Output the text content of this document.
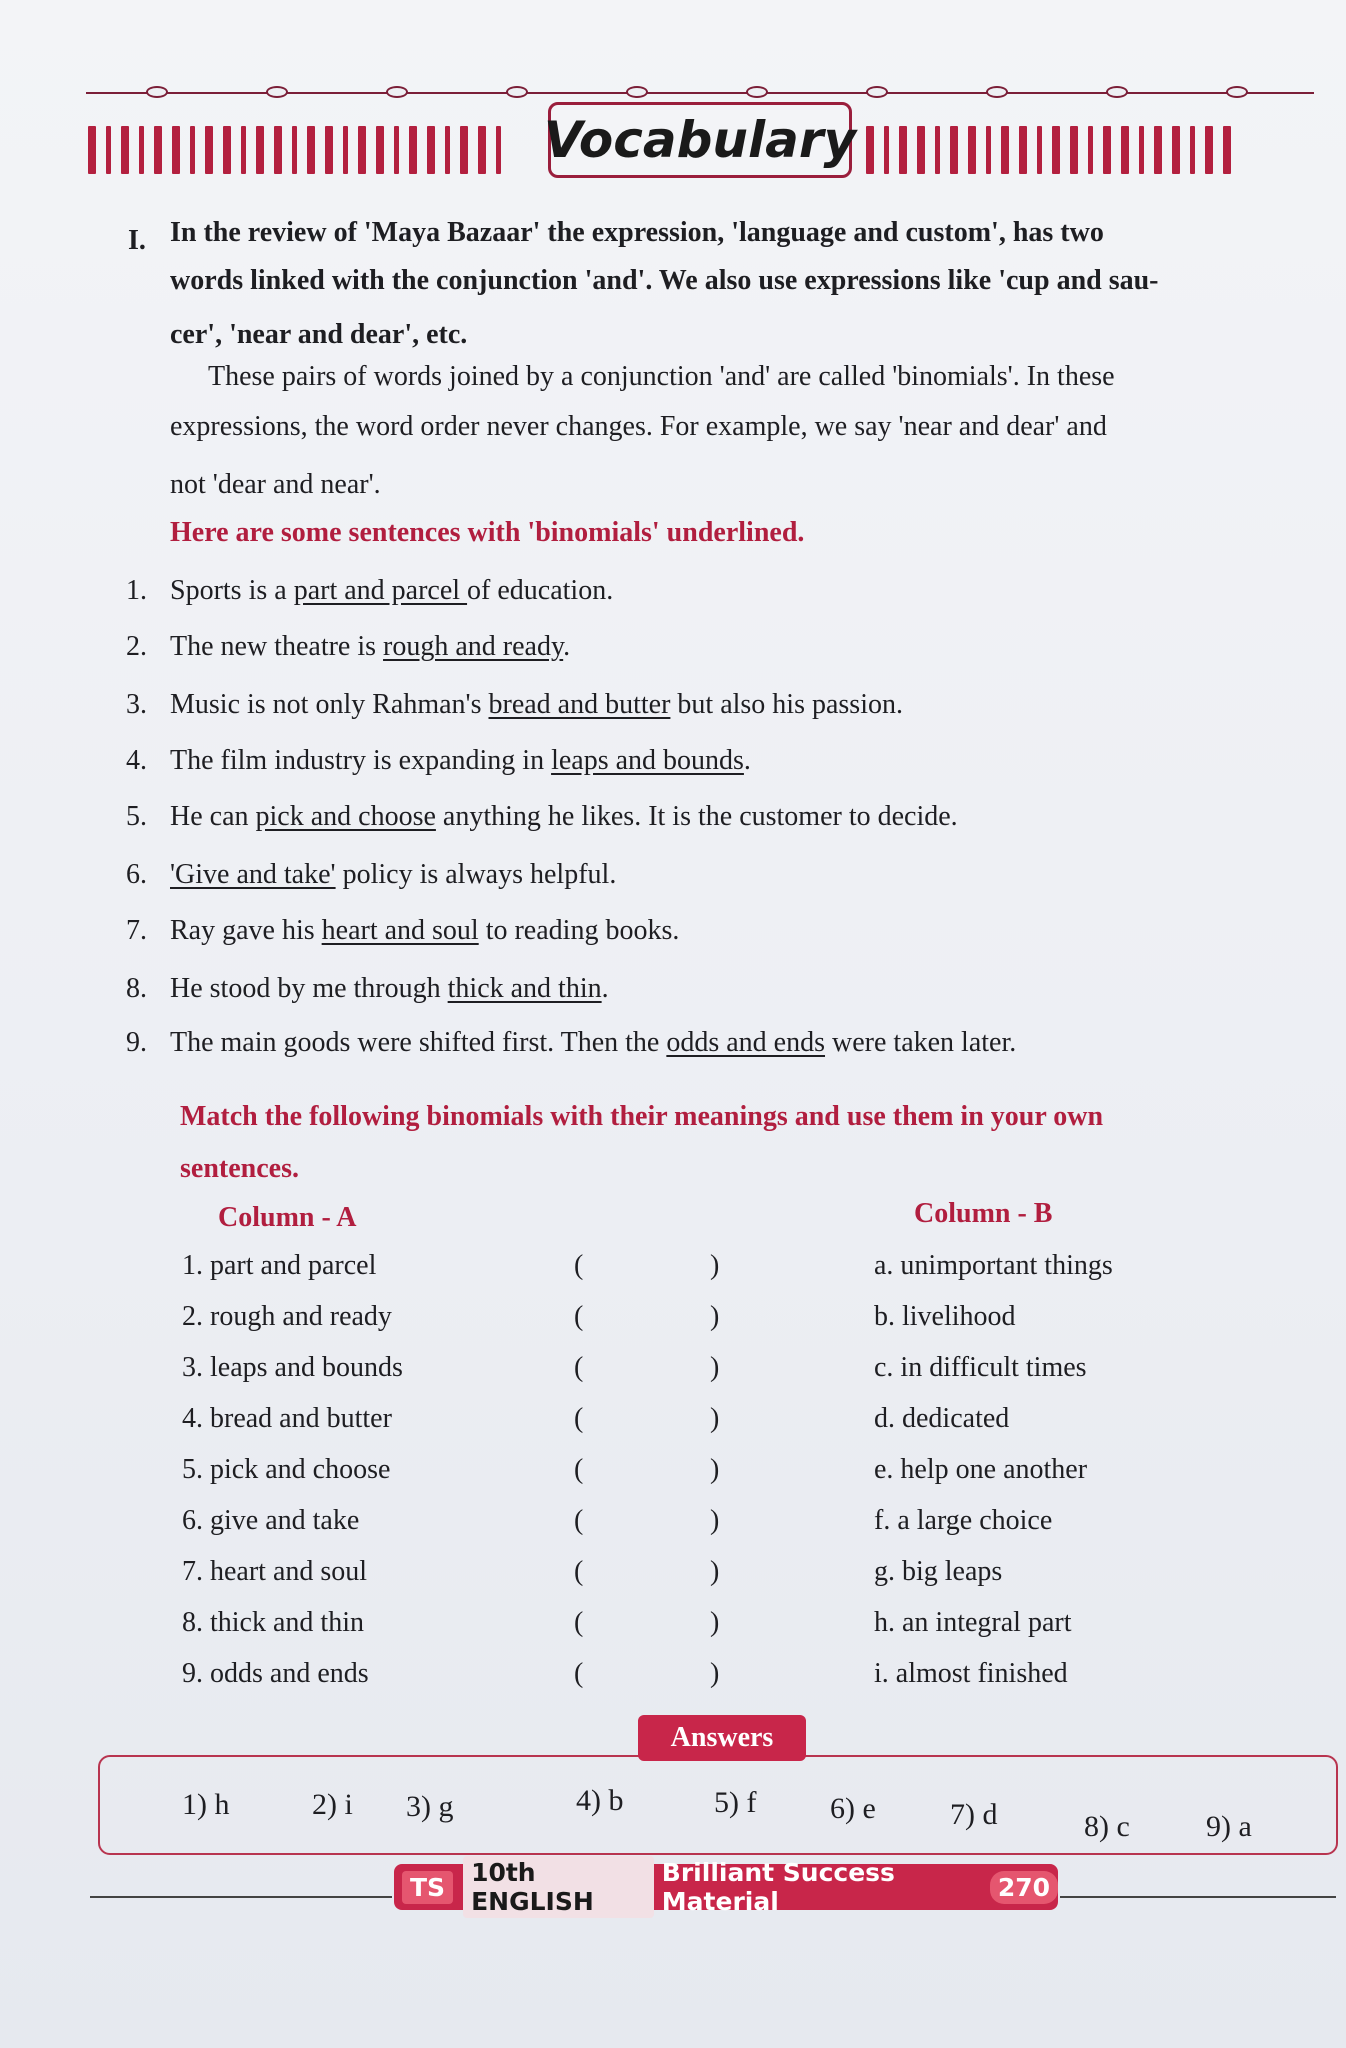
Vocabulary
I. In the review of 'Maya Bazaar' the expression, 'language and custom', has two
words linked with the conjunction 'and'. We also use expressions like 'cup and sau-
cer', 'near and dear', etc.
These pairs of words joined by a conjunction 'and' are called 'binomials'. In these
expressions, the word order never changes. For example, we say 'near and dear' and
not 'dear and near'.
Here are some sentences with 'binomials' underlined.
1. Sports is a part and parcel of education.
2. The new theatre is rough and ready.
3. Music is not only Rahman's bread and butter but also his passion.
4. The film industry is expanding in leaps and bounds.
5. He can pick and choose anything he likes. It is the customer to decide.
6. 'Give and take' policy is always helpful.
7. Ray gave his heart and soul to reading books.
8. He stood by me through thick and thin.
9. The main goods were shifted first. Then the odds and ends were taken later.
Match the following binomials with their meanings and use them in your own
sentences.
Column - A	Column - B
1. part and parcel	(	)	a. unimportant things
2. rough and ready	(	)	b. livelihood
3. leaps and bounds	(	)	c. in difficult times
4. bread and butter	(	)	d. dedicated
5. pick and choose	(	)	e. help one another
6. give and take	(	)	f. a large choice
7. heart and soul	(	)	g. big leaps
8. thick and thin	(	)	h. an integral part
9. odds and ends	(	)	i. almost finished
Answers
1) h	2) i 3) g	4) b	5) f 6) e 7) d	8) c	9) a
TS	10th ENGLISH
Brilliant Success Material	270
